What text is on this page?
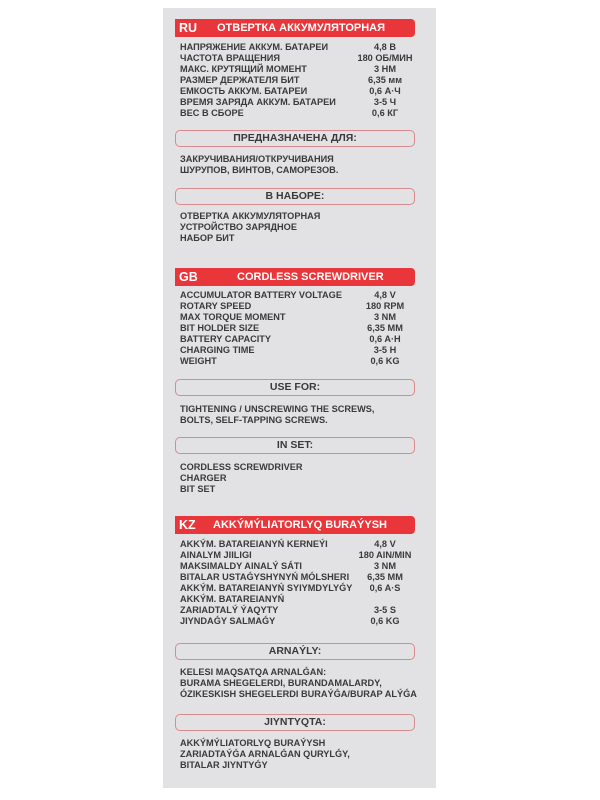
RU ОТВЕРТКА АККУМУЛЯТОРНАЯ
НАПРЯЖЕНИЕ АККУМ. БАТАРЕИ	4,8 В
ЧАСТОТА ВРАЩЕНИЯ	180 ОБ/МИН
МАКС. КРУТЯЩИЙ МОМЕНТ	3 НМ
РАЗМЕР ДЕРЖАТЕЛЯ БИТ	6,35 мм
ЕМКОСТЬ АККУМ. БАТАРЕИ	0,6 А·Ч
ВРЕМЯ ЗАРЯДА АККУМ. БАТАРЕИ	3-5 Ч
ВЕС В СБОРЕ	0,6 КГ
ПРЕДНАЗНАЧЕНА ДЛЯ:
ЗАКРУЧИВАНИЯ/ОТКРУЧИВАНИЯ
ШУРУПОВ, ВИНТОВ, САМОРЕЗОВ.
В НАБОРЕ:
ОТВЕРТКА АККУМУЛЯТОРНАЯ
УСТРОЙСТВО ЗАРЯДНОЕ
НАБОР БИТ
GB	CORDLESS SCREWDRIVER
ACCUMULATOR BATTERY VOLTAGE	4,8 V
ROTARY SPEED	180 RPM
MAX TORQUE MOMENT	3 NM
BIT HOLDER SIZE	6,35 MM
BATTERY CAPACITY	0,6 A·H
CHARGING TIME	3-5 H
WEIGHT	0,6 KG
USE FOR:
TIGHTENING / UNSCREWING THE SCREWS,
BOLTS, SELF-TAPPING SCREWS.
IN SET:
CORDLESS SCREWDRIVER
CHARGER
BIT SET
KZ AKKÝMÝLIATORLYQ BURAÝYSH
AKKÝM. BATAREIANYŃ KERNEÝI	4,8 V
AINALYM JIILIGI	180 AIN/MIN
MAKSIMALDY AINALÝ SÁTI	3 NM
BITALAR USTAǴYSHYNYŃ MÓLSHERI	6,35 MM
AKKÝM. BATAREIANYŃ SYIYMDYLYǴY	0,6 A·S
AKKÝM. BATAREIANYŃ
ZARIADTALÝ ÝAQYTY	3-5 S
JIYNDAǴY SALMAǴY	0,6 KG
ARNAÝLY:
KELESI MAQSATQA ARNALǴAN:
BURAMA SHEGELERDI, BURANDAMALARDY,
ÓZIKESKISH SHEGELERDI BURAÝǴA/BURAP ALÝǴA
JIYNTYQTA:
AKKÝMÝLIATORLYQ BURAÝYSH
ZARIADTAÝǴA ARNALǴAN QURYLǴY,
BITALAR JIYNTYǴY
